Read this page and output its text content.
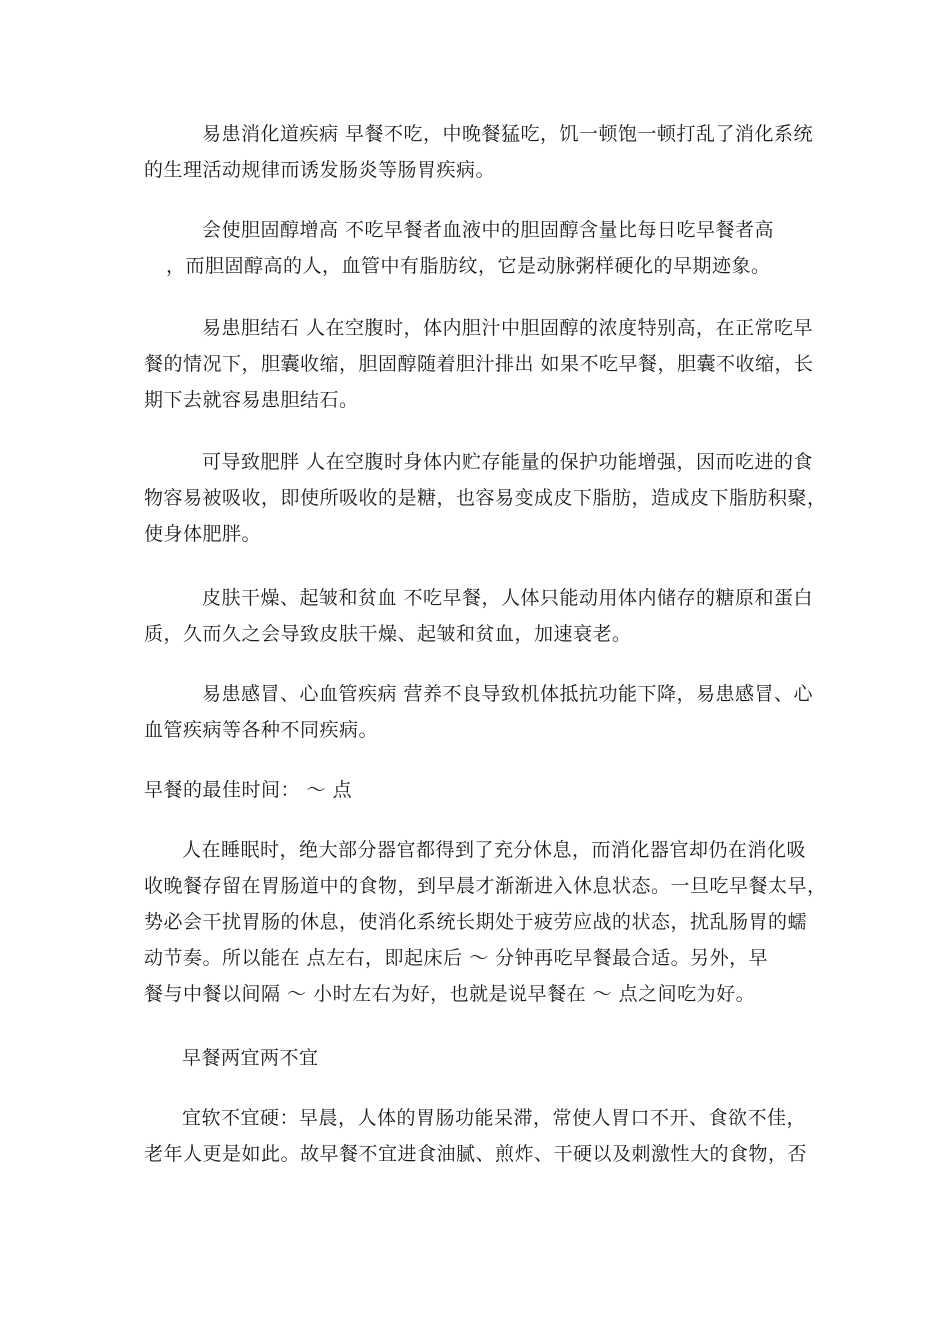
易患消化道疾病 早餐不吃，中晚餐猛吃，饥一顿饱一顿打乱了消化系统
的生理活动规律而诱发肠炎等肠胃疾病。

会使胆固醇增高 不吃早餐者血液中的胆固醇含量比每日吃早餐者高
，而胆固醇高的人，血管中有脂肪纹，它是动脉粥样硬化的早期迹象。

易患胆结石 人在空腹时，体内胆汁中胆固醇的浓度特别高，在正常吃早
餐的情况下，胆囊收缩，胆固醇随着胆汁排出 如果不吃早餐，胆囊不收缩，长
期下去就容易患胆结石。

可导致肥胖 人在空腹时身体内贮存能量的保护功能增强，因而吃进的食
物容易被吸收，即使所吸收的是糖，也容易变成皮下脂肪，造成皮下脂肪积聚，
使身体肥胖。

皮肤干燥、起皱和贫血 不吃早餐，人体只能动用体内储存的糖原和蛋白
质，久而久之会导致皮肤干燥、起皱和贫血，加速衰老。

易患感冒、心血管疾病 营养不良导致机体抵抗功能下降，易患感冒、心
血管疾病等各种不同疾病。

早餐的最佳时间： ～ 点

人在睡眠时，绝大部分器官都得到了充分休息，而消化器官却仍在消化吸
收晚餐存留在胃肠道中的食物，到早晨才渐渐进入休息状态。一旦吃早餐太早，
势必会干扰胃肠的休息，使消化系统长期处于疲劳应战的状态，扰乱肠胃的蠕
动节奏。所以能在 点左右，即起床后 ～ 分钟再吃早餐最合适。另外，早
餐与中餐以间隔 ～ 小时左右为好，也就是说早餐在 ～ 点之间吃为好。

早餐两宜两不宜

宜软不宜硬：早晨，人体的胃肠功能呆滞，常使人胃口不开、食欲不佳，
老年人更是如此。故早餐不宜进食油腻、煎炸、干硬以及刺激性大的食物，否
